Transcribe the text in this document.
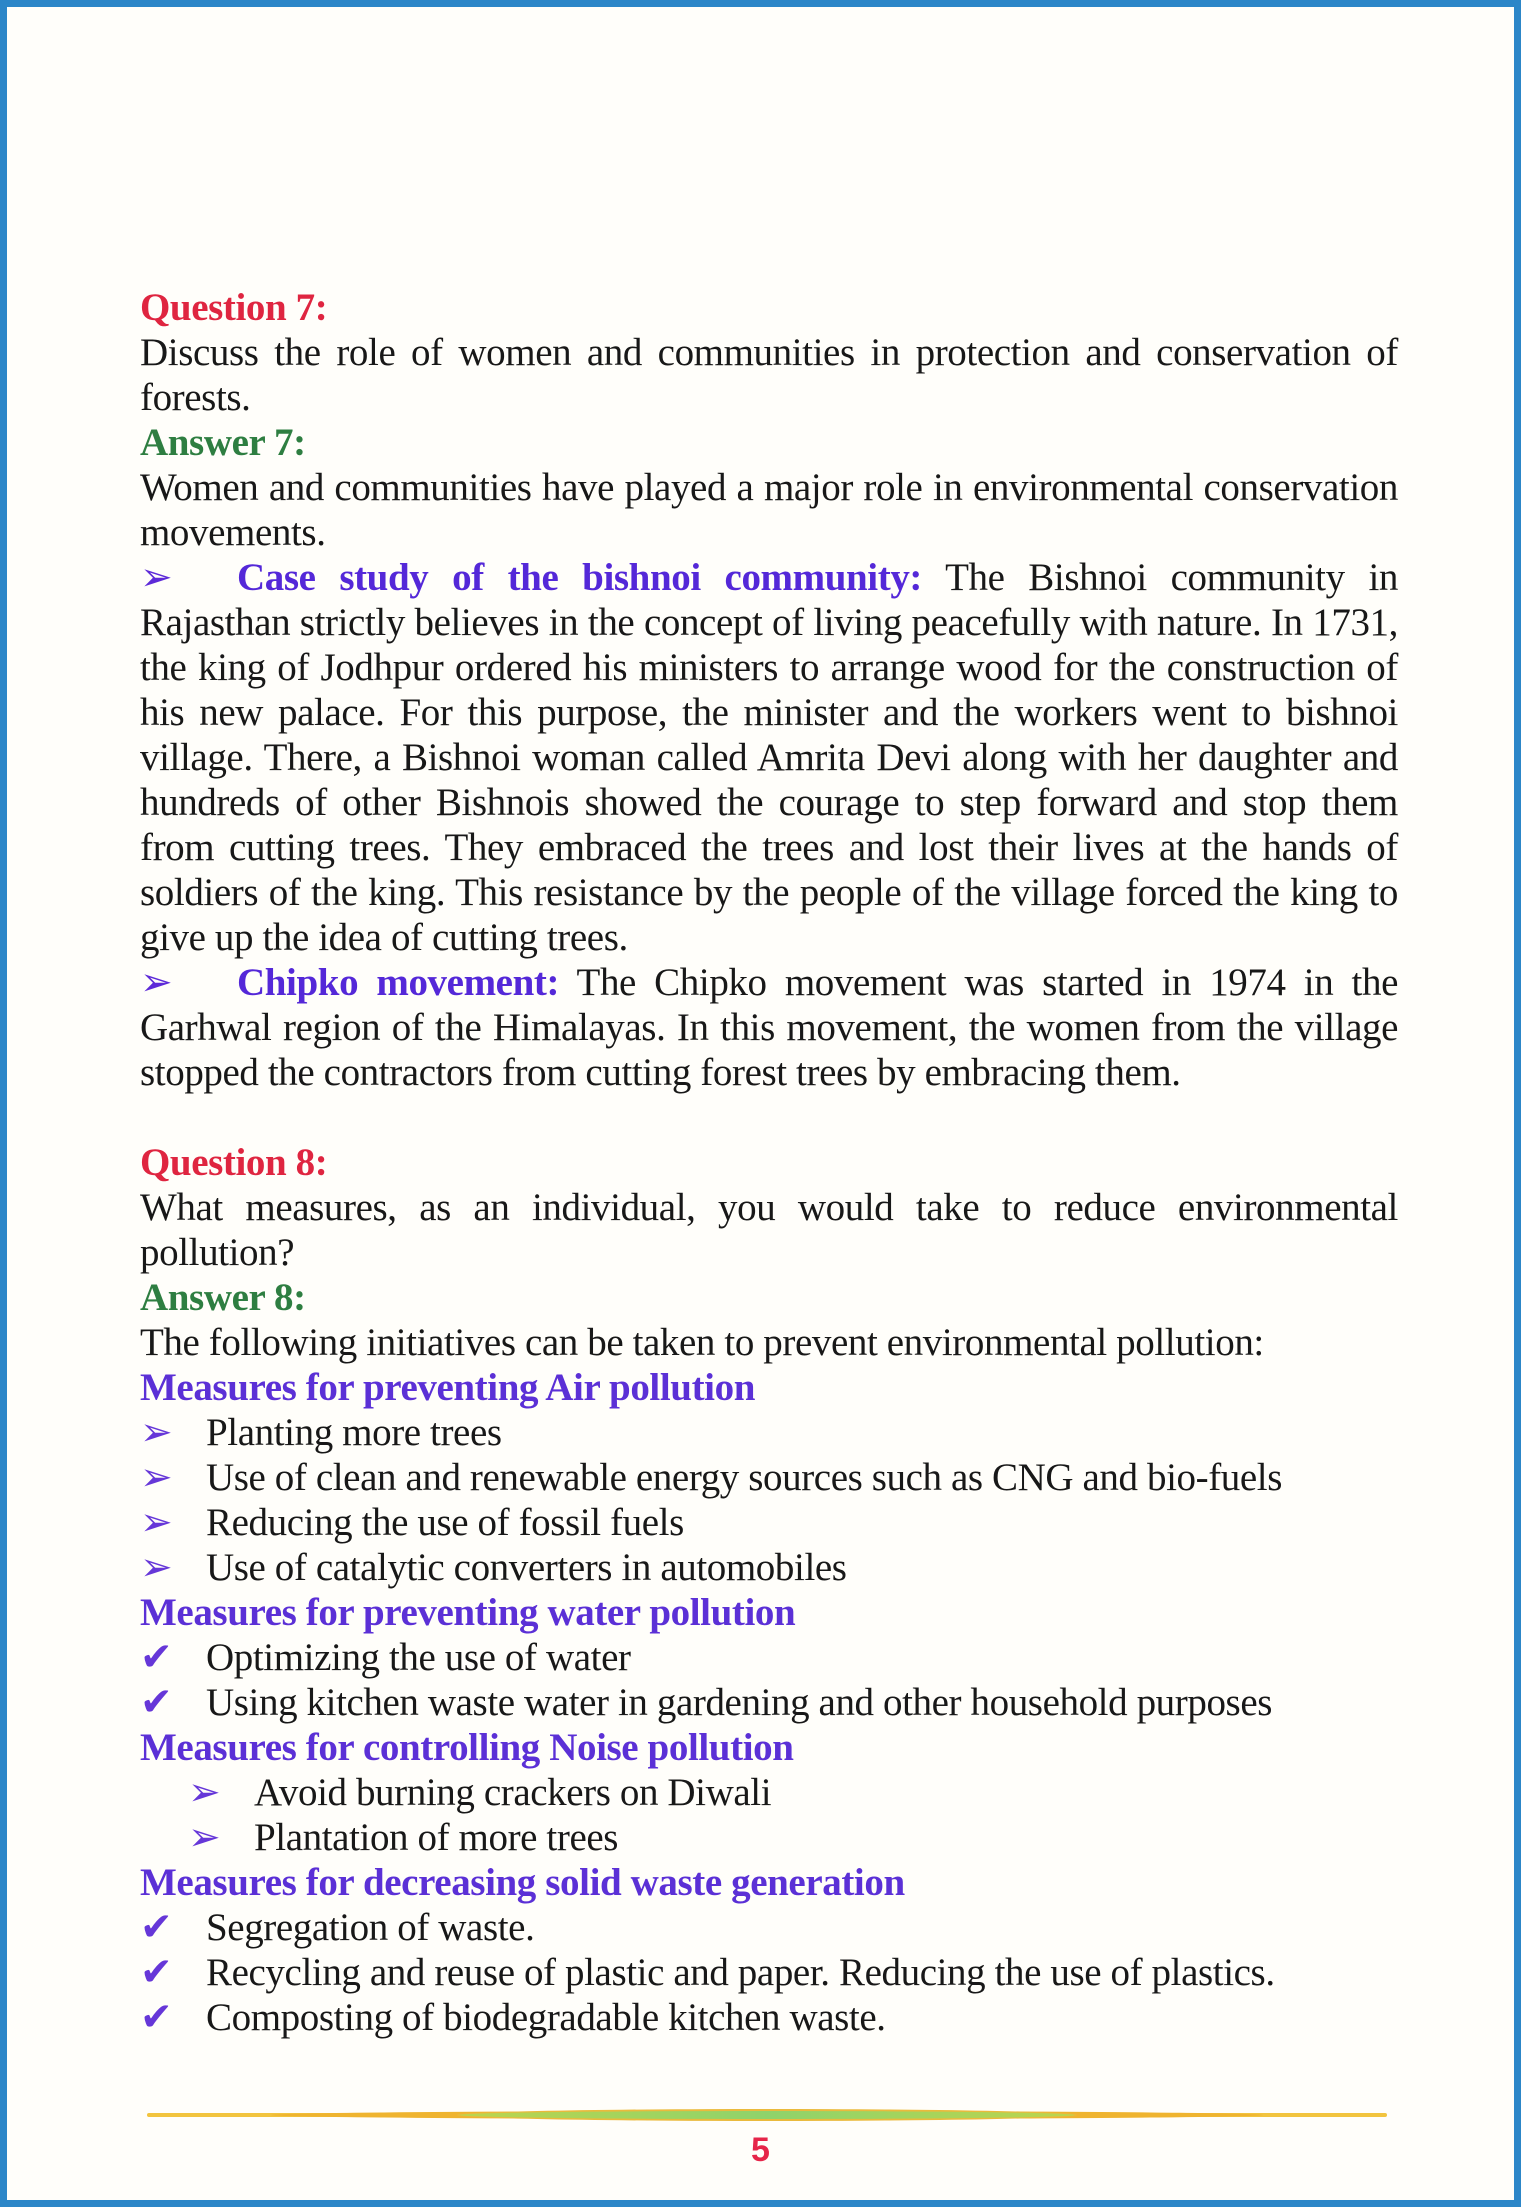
Question 7:

Discuss the role of women and communities in protection and conservation of forests.

Answer 7:

Women and communities have played a major role in environmental conservation movements.

➢ Case study of the bishnoi community: The Bishnoi community in Rajasthan strictly believes in the concept of living peacefully with nature. In 1731, the king of Jodhpur ordered his ministers to arrange wood for the construction of his new palace. For this purpose, the minister and the workers went to bishnoi village. There, a Bishnoi woman called Amrita Devi along with her daughter and hundreds of other Bishnois showed the courage to step forward and stop them from cutting trees. They embraced the trees and lost their lives at the hands of soldiers of the king. This resistance by the people of the village forced the king to give up the idea of cutting trees.

➢ Chipko movement: The Chipko movement was started in 1974 in the Garhwal region of the Himalayas. In this movement, the women from the village stopped the contractors from cutting forest trees by embracing them.

Question 8:

What measures, as an individual, you would take to reduce environmental pollution?

Answer 8:
The following initiatives can be taken to prevent environmental pollution:
Measures for preventing Air pollution
➢ Planting more trees
➢ Use of clean and renewable energy sources such as CNG and bio-fuels
➢ Reducing the use of fossil fuels
➢ Use of catalytic converters in automobiles
Measures for preventing water pollution
✔ Optimizing the use of water
✔ Using kitchen waste water in gardening and other household purposes
Measures for controlling Noise pollution
➢ Avoid burning crackers on Diwali
➢ Plantation of more trees
Measures for decreasing solid waste generation
✔ Segregation of waste.
✔ Recycling and reuse of plastic and paper. Reducing the use of plastics.
✔ Composting of biodegradable kitchen waste.
5
